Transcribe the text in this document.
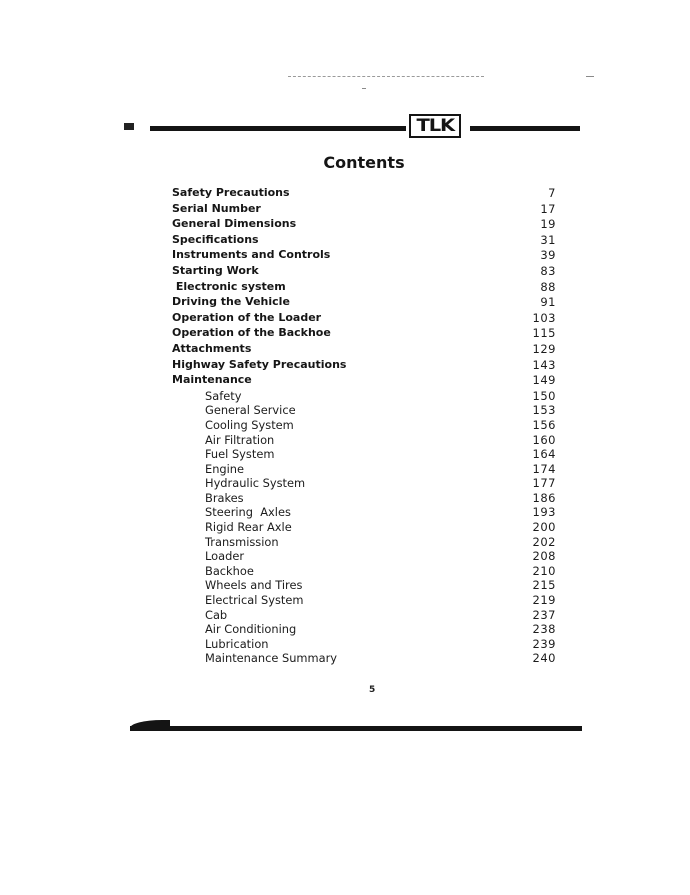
TLK
Contents
Safety Precautions	7
Serial Number	17
General Dimensions	19
Specifications	31
Instruments and Controls	39
Starting Work	83
Electronic system	88
Driving the Vehicle	91
Operation of the Loader	103
Operation of the Backhoe	115
Attachments	129
Highway Safety Precautions	143
Maintenance	149
Safety	150
General Service	153
Cooling System	156
Air Filtration	160
Fuel System	164
Engine	174
Hydraulic System	177
Brakes	186
Steering  Axles	193
Rigid Rear Axle	200
Transmission	202
Loader	208
Backhoe	210
Wheels and Tires	215
Electrical System	219
Cab	237
Air Conditioning	238
Lubrication	239
Maintenance Summary	240
5
